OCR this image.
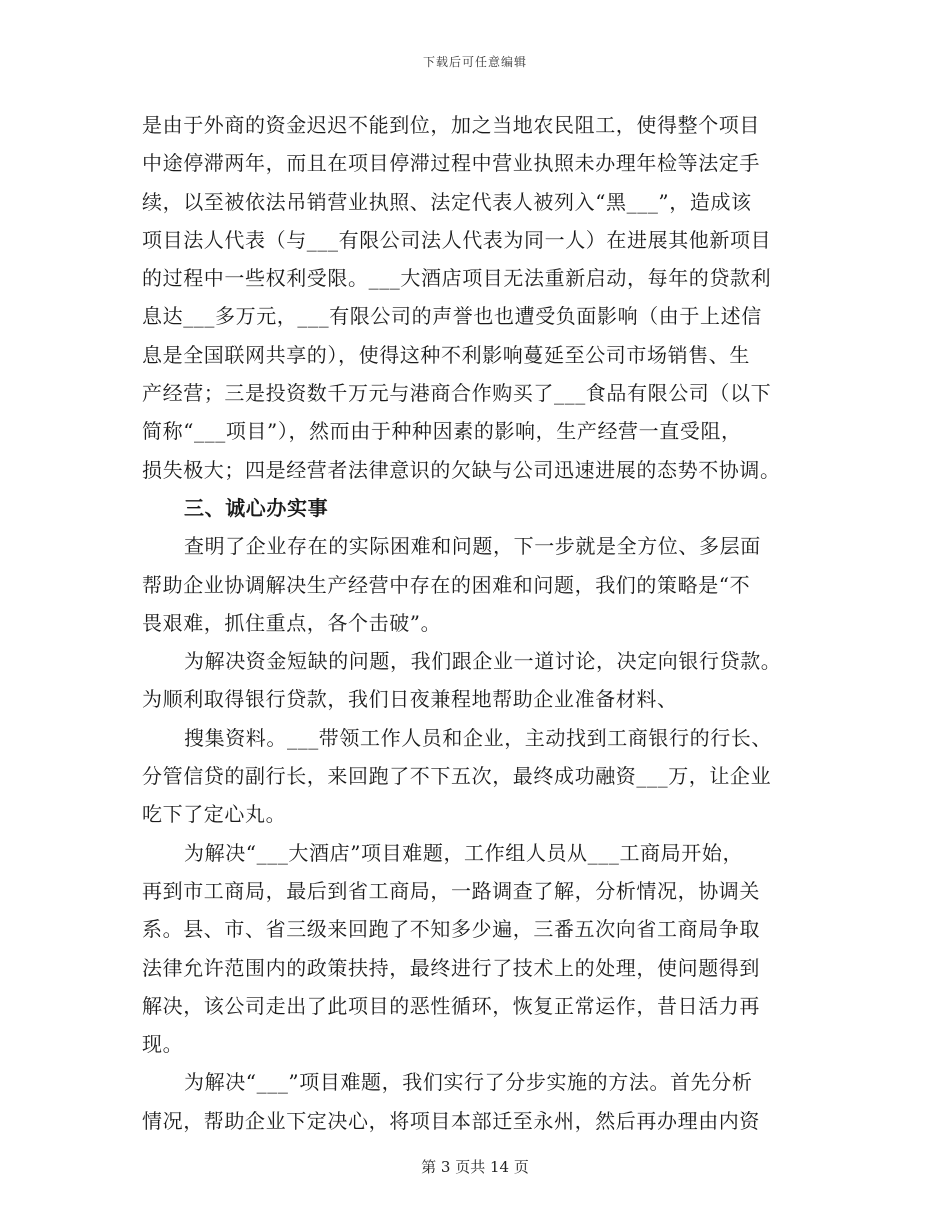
下载后可任意编辑
是由于外商的资金迟迟不能到位，加之当地农民阻工，使得整个项目
中途停滞两年，而且在项目停滞过程中营业执照未办理年检等法定手
续，以至被依法吊销营业执照、法定代表人被列入“黑___”，造成该
项目法人代表（与___有限公司法人代表为同一人）在进展其他新项目
的过程中一些权利受限。___大酒店项目无法重新启动，每年的贷款利
息达___多万元，___有限公司的声誉也也遭受负面影响（由于上述信
息是全国联网共享的），使得这种不利影响蔓延至公司市场销售、生
产经营；三是投资数千万元与港商合作购买了___食品有限公司（以下
简称“___项目”），然而由于种种因素的影响，生产经营一直受阻，
损失极大；四是经营者法律意识的欠缺与公司迅速进展的态势不协调。
三、诚心办实事
查明了企业存在的实际困难和问题，下一步就是全方位、多层面
帮助企业协调解决生产经营中存在的困难和问题，我们的策略是“不
畏艰难，抓住重点，各个击破”。
为解决资金短缺的问题，我们跟企业一道讨论，决定向银行贷款。
为顺利取得银行贷款，我们日夜兼程地帮助企业准备材料、
搜集资料。___带领工作人员和企业，主动找到工商银行的行长、
分管信贷的副行长，来回跑了不下五次，最终成功融资___万，让企业
吃下了定心丸。
为解决“___大酒店”项目难题，工作组人员从___工商局开始，
再到市工商局，最后到省工商局，一路调查了解，分析情况，协调关
系。县、市、省三级来回跑了不知多少遍，三番五次向省工商局争取
法律允许范围内的政策扶持，最终进行了技术上的处理，使问题得到
解决，该公司走出了此项目的恶性循环，恢复正常运作，昔日活力再
现。
为解决“___”项目难题，我们实行了分步实施的方法。首先分析
情况，帮助企业下定决心，将项目本部迁至永州，然后再办理由内资
第 3 页共 14 页
